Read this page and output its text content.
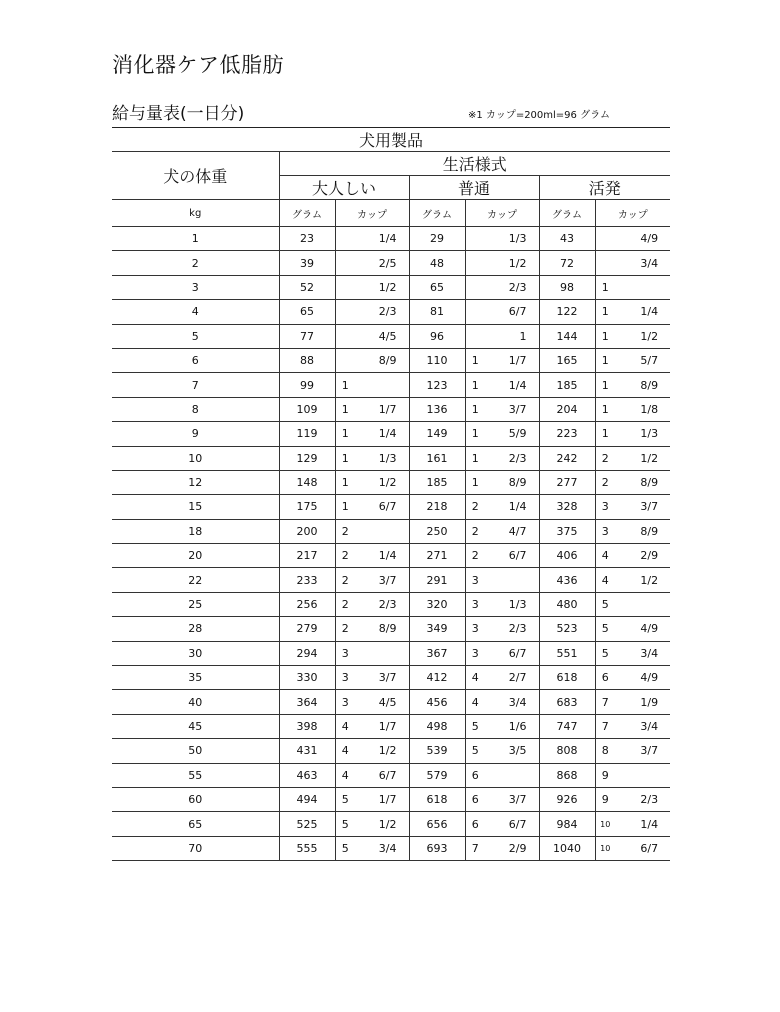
消化器ケア低脂肪
給与量表(一日分)	※1 カップ=200ml=96 グラム
犬用製品									
犬の体重	生活様式								
	大人しい			普通			活発		
kg	グラム	カップ		グラム	カップ		グラム	カップ	
1	23		1/4	29		1/3	43		4/9
2	39		2/5	48		1/2	72		3/4
3	52		1/2	65		2/3	98	1	
4	65		2/3	81		6/7	122	1	1/4
5	77		4/5	96		1	144	1	1/2
6	88		8/9	110	1	1/7	165	1	5/7
7	99	1		123	1	1/4	185	1	8/9
8	109	1	1/7	136	1	3/7	204	1	1/8
9	119	1	1/4	149	1	5/9	223	1	1/3
10	129	1	1/3	161	1	2/3	242	2	1/2
12	148	1	1/2	185	1	8/9	277	2	8/9
15	175	1	6/7	218	2	1/4	328	3	3/7
18	200	2		250	2	4/7	375	3	8/9
20	217	2	1/4	271	2	6/7	406	4	2/9
22	233	2	3/7	291	3		436	4	1/2
25	256	2	2/3	320	3	1/3	480	5	
28	279	2	8/9	349	3	2/3	523	5	4/9
30	294	3		367	3	6/7	551	5	3/4
35	330	3	3/7	412	4	2/7	618	6	4/9
40	364	3	4/5	456	4	3/4	683	7	1/9
45	398	4	1/7	498	5	1/6	747	7	3/4
50	431	4	1/2	539	5	3/5	808	8	3/7
55	463	4	6/7	579	6		868	9	
60	494	5	1/7	618	6	3/7	926	9	2/3
65	525	5	1/2	656	6	6/7	984	10	1/4
70	555	5	3/4	693	7	2/9	1040	10	6/7
